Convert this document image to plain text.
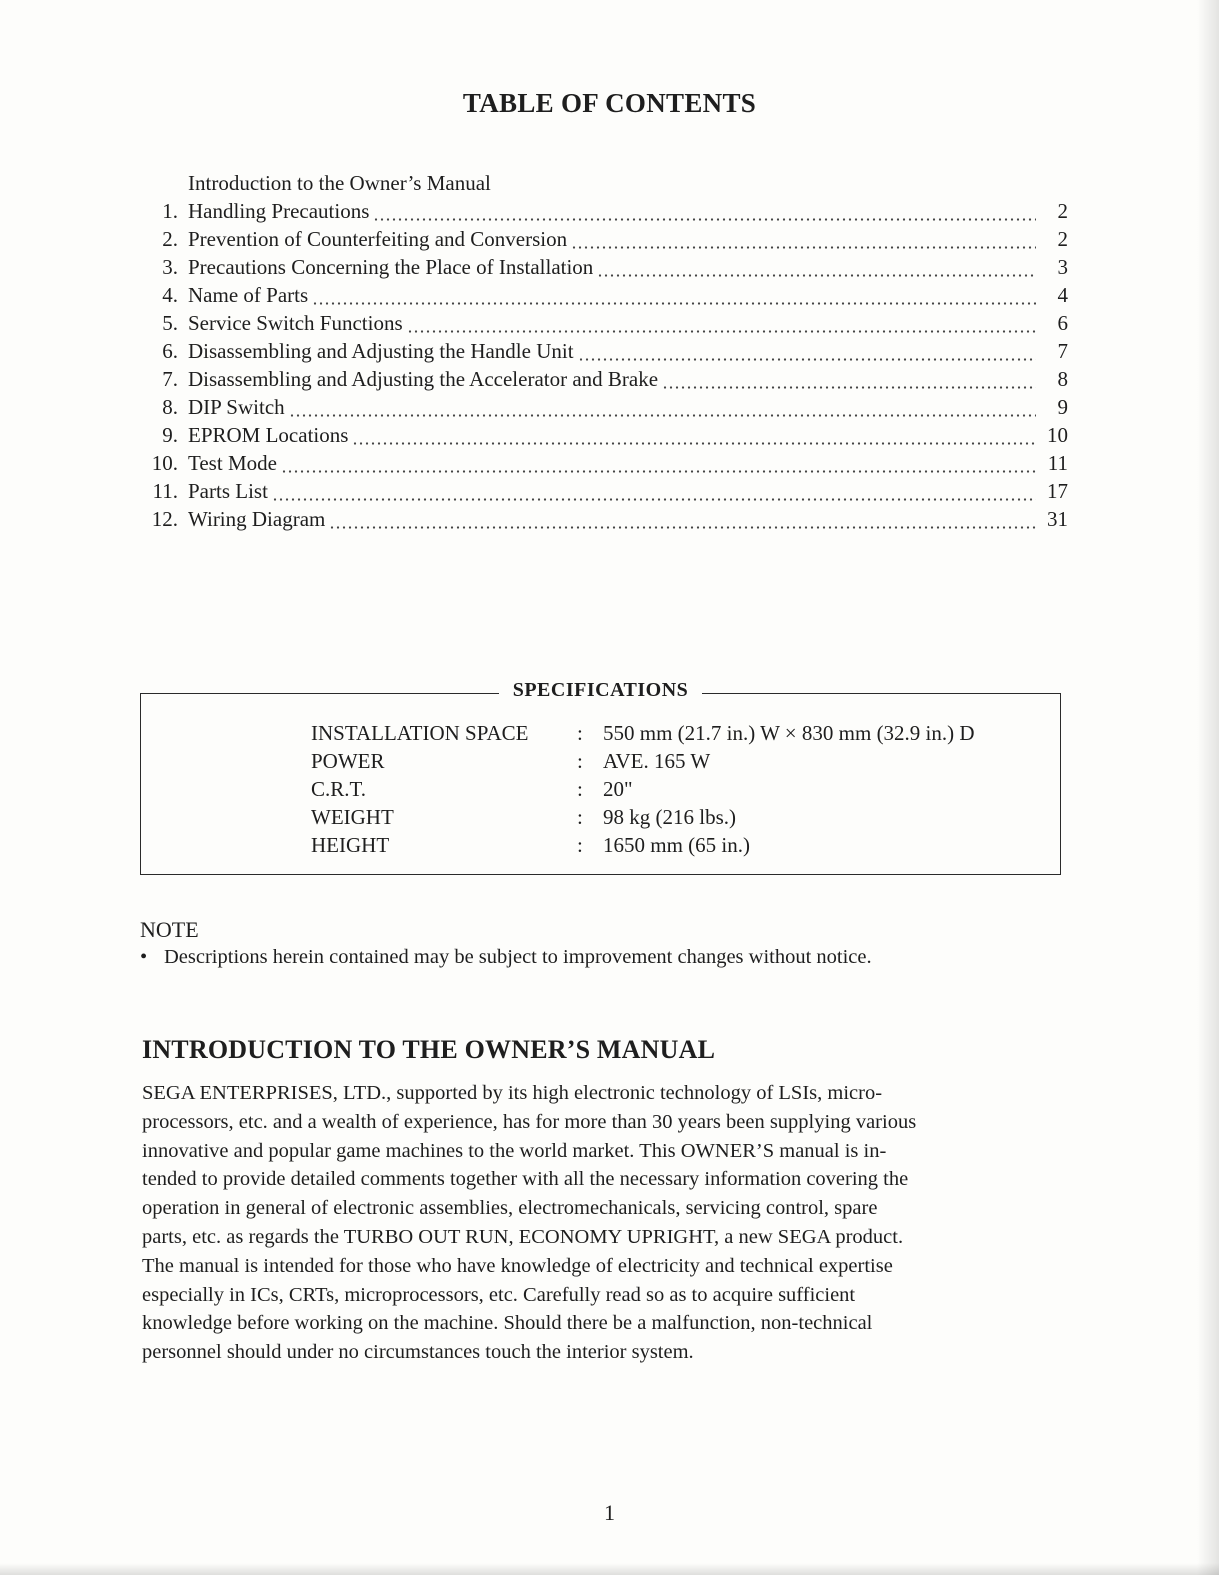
TABLE OF CONTENTS
Introduction to the Owner’s Manual
1. Handling Precautions	2
2. Prevention of Counterfeiting and Conversion	2
3. Precautions Concerning the Place of Installation	3
4. Name of Parts	4
5. Service Switch Functions	6
6. Disassembling and Adjusting the Handle Unit	7
7. Disassembling and Adjusting the Accelerator and Brake	8
8. DIP Switch	9
9. EPROM Locations	10
10. Test Mode	11
11. Parts List	17
12. Wiring Diagram	31
SPECIFICATIONS
INSTALLATION SPACE	: 550 mm (21.7 in.) W × 830 mm (32.9 in.) D
POWER	: AVE. 165 W
C.R.T.	: 20"
WEIGHT	: 98 kg (216 lbs.)
HEIGHT	: 1650 mm (65 in.)
NOTE
• Descriptions herein contained may be subject to improvement changes without notice.
INTRODUCTION TO THE OWNER’S MANUAL
SEGA ENTERPRISES, LTD., supported by its high electronic technology of LSIs, micro-
processors, etc. and a wealth of experience, has for more than 30 years been supplying various
innovative and popular game machines to the world market. This OWNER’S manual is in-
tended to provide detailed comments together with all the necessary information covering the
operation in general of electronic assemblies, electromechanicals, servicing control, spare
parts, etc. as regards the TURBO OUT RUN, ECONOMY UPRIGHT, a new SEGA product.
The manual is intended for those who have knowledge of electricity and technical expertise
especially in ICs, CRTs, microprocessors, etc. Carefully read so as to acquire sufficient
knowledge before working on the machine. Should there be a malfunction, non-technical
personnel should under no circumstances touch the interior system.
1
